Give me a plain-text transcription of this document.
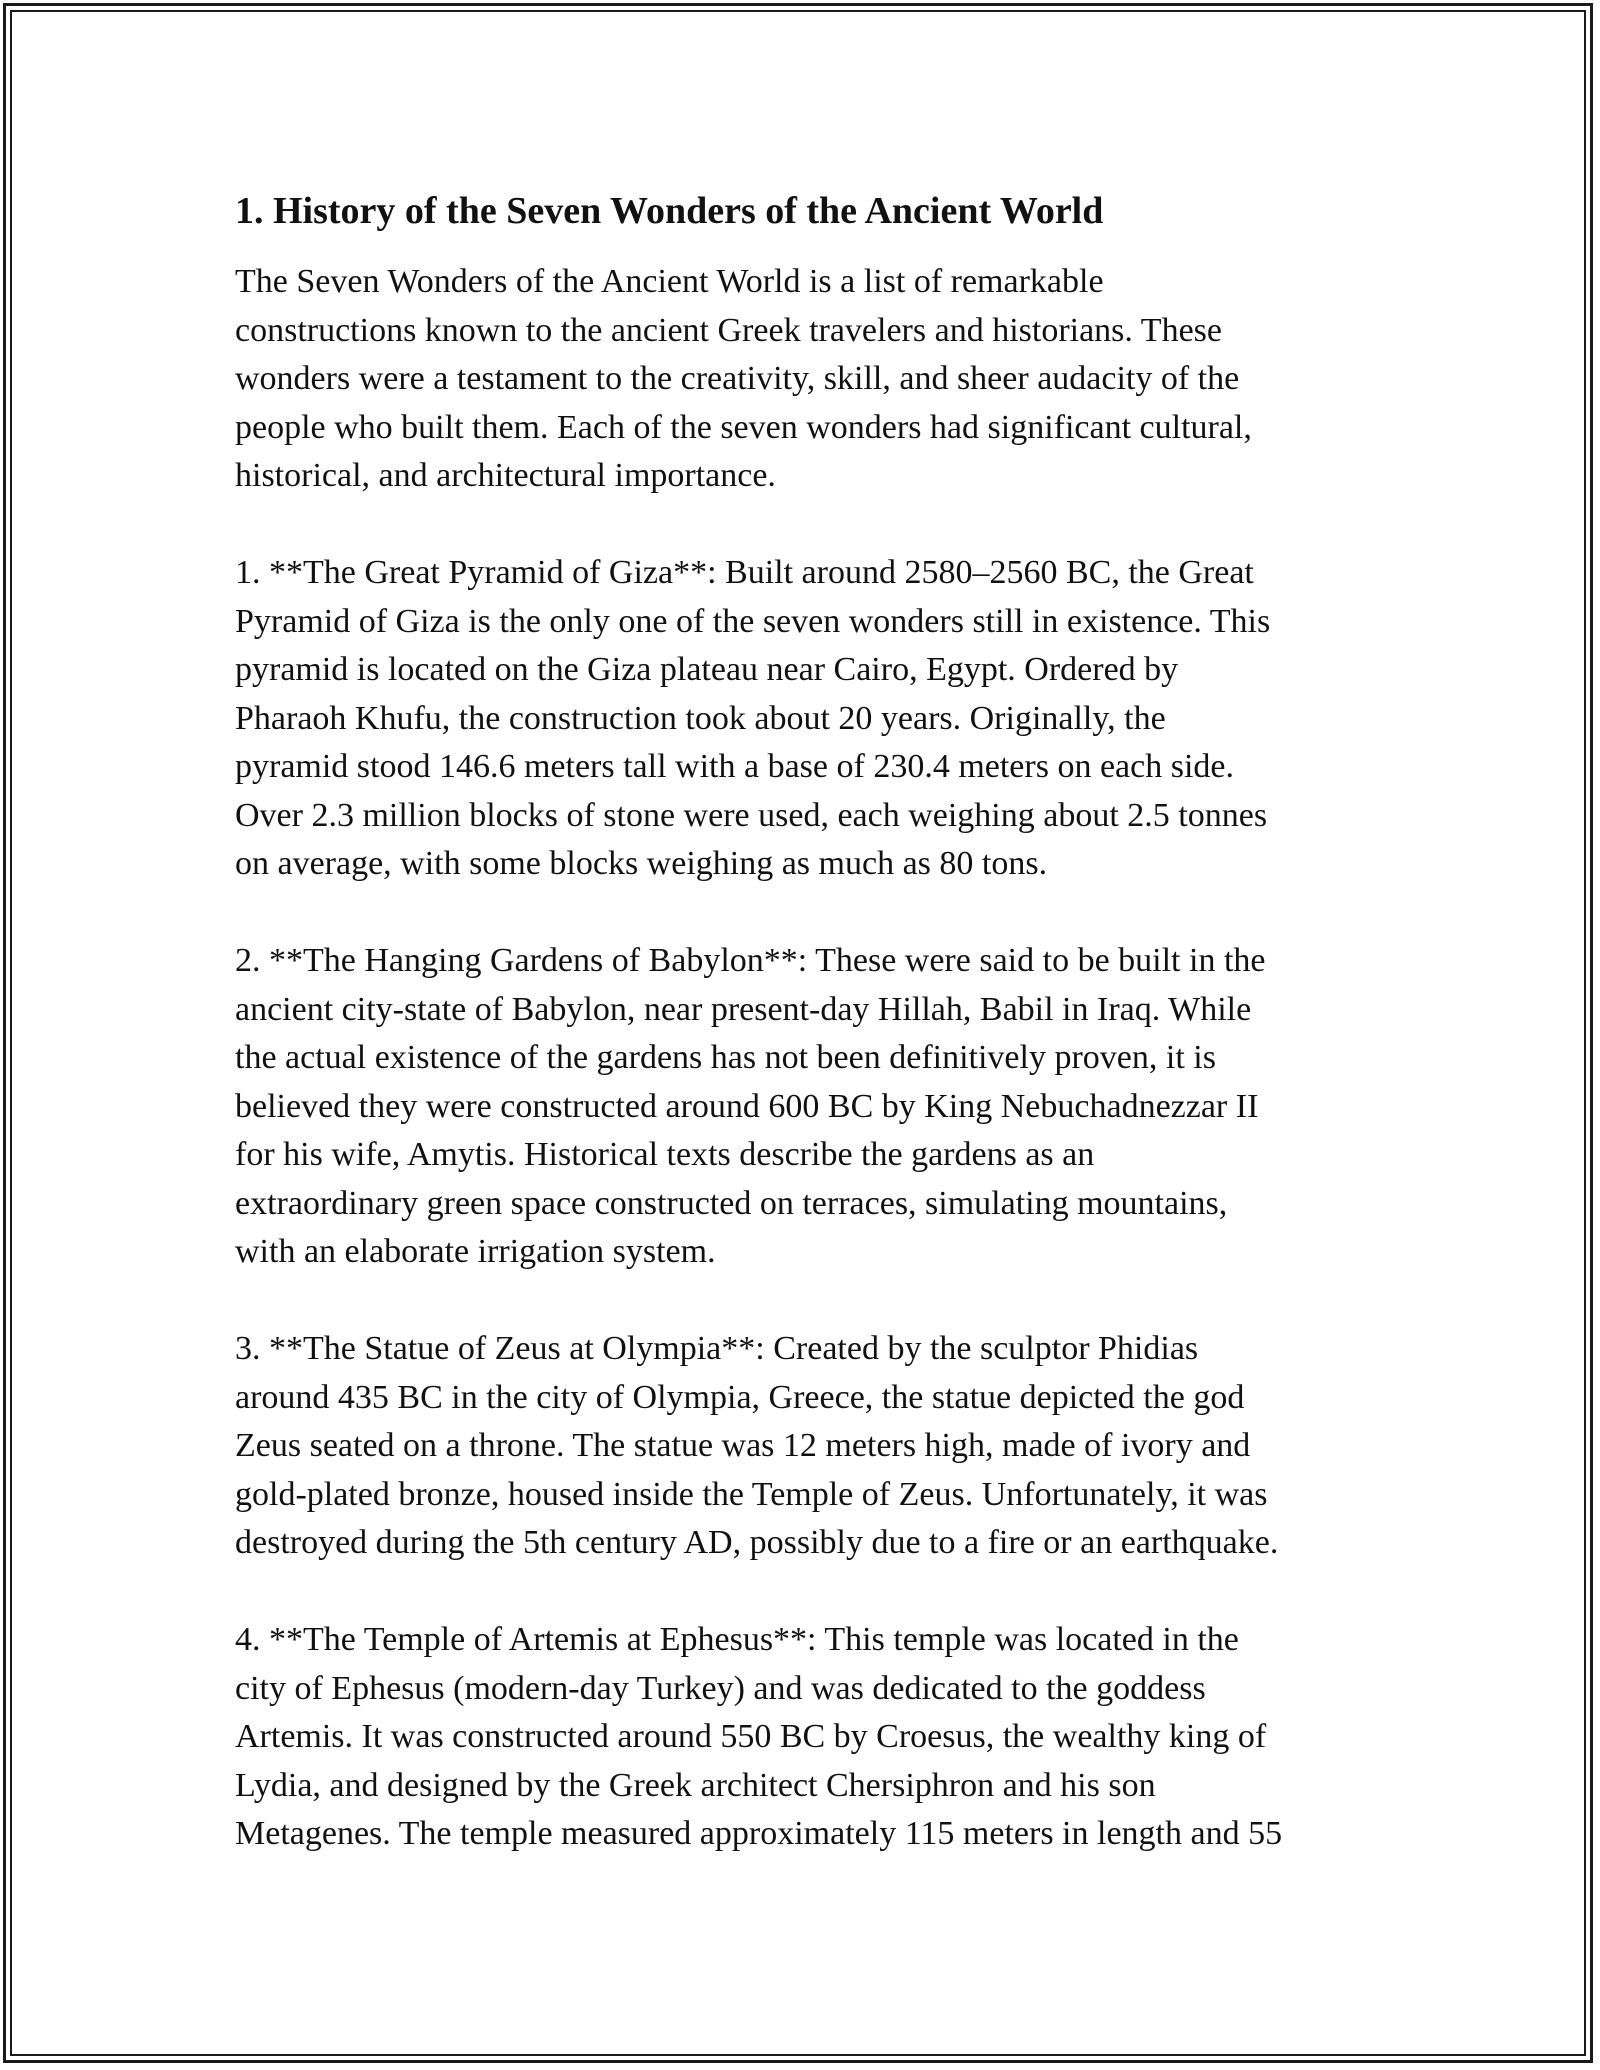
1. History of the Seven Wonders of the Ancient World

The Seven Wonders of the Ancient World is a list of remarkable
constructions known to the ancient Greek travelers and historians. These
wonders were a testament to the creativity, skill, and sheer audacity of the
people who built them. Each of the seven wonders had significant cultural,
historical, and architectural importance.

1. **The Great Pyramid of Giza**: Built around 2580–2560 BC, the Great
Pyramid of Giza is the only one of the seven wonders still in existence. This
pyramid is located on the Giza plateau near Cairo, Egypt. Ordered by
Pharaoh Khufu, the construction took about 20 years. Originally, the
pyramid stood 146.6 meters tall with a base of 230.4 meters on each side.
Over 2.3 million blocks of stone were used, each weighing about 2.5 tonnes
on average, with some blocks weighing as much as 80 tons.

2. **The Hanging Gardens of Babylon**: These were said to be built in the
ancient city-state of Babylon, near present-day Hillah, Babil in Iraq. While
the actual existence of the gardens has not been definitively proven, it is
believed they were constructed around 600 BC by King Nebuchadnezzar II
for his wife, Amytis. Historical texts describe the gardens as an
extraordinary green space constructed on terraces, simulating mountains,
with an elaborate irrigation system.

3. **The Statue of Zeus at Olympia**: Created by the sculptor Phidias
around 435 BC in the city of Olympia, Greece, the statue depicted the god
Zeus seated on a throne. The statue was 12 meters high, made of ivory and
gold-plated bronze, housed inside the Temple of Zeus. Unfortunately, it was
destroyed during the 5th century AD, possibly due to a fire or an earthquake.

4. **The Temple of Artemis at Ephesus**: This temple was located in the
city of Ephesus (modern-day Turkey) and was dedicated to the goddess
Artemis. It was constructed around 550 BC by Croesus, the wealthy king of
Lydia, and designed by the Greek architect Chersiphron and his son
Metagenes. The temple measured approximately 115 meters in length and 55
